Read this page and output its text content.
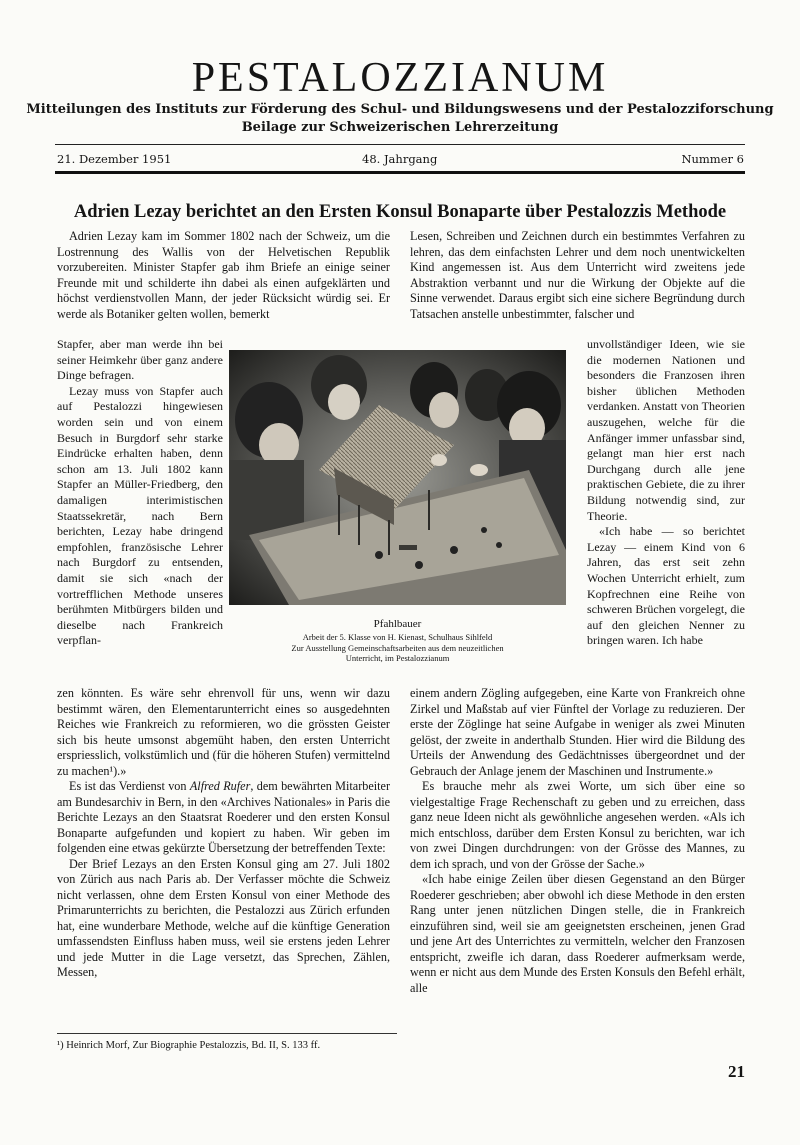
PESTALOZZIANUM
Mitteilungen des Instituts zur Förderung des Schul- und Bildungswesens und der Pestalozziforschung
Beilage zur Schweizerischen Lehrerzeitung
21. Dezember 1951	48. Jahrgang	Nummer 6
Adrien Lezay berichtet an den Ersten Konsul Bonaparte über Pestalozzis Methode

Adrien Lezay kam im Sommer 1802 nach der Schweiz, um die Lostrennung des Wallis von der Helvetischen Republik vorzubereiten. Minister Stapfer gab ihm Briefe an einige seiner Freunde mit und schilderte ihn dabei als einen aufgeklärten und höchst verdienstvollen Mann, der jeder Rücksicht würdig sei. Er werde als Botaniker gelten wollen, bemerkt

Stapfer, aber man werde ihn bei seiner Heimkehr über ganz andere Dinge befragen.

Lezay muss von Stapfer auch auf Pestalozzi hingewiesen worden sein und von einem Besuch in Burgdorf sehr starke Eindrücke erhalten haben, denn schon am 13. Juli 1802 kann Stapfer an Müller-Friedberg, den damaligen interimistischen Staatssekretär, nach Bern berichten, Lezay habe dringend empfohlen, französische Lehrer nach Burgdorf zu entsenden, damit sie sich «nach der vortrefflichen Methode unseres berühmten Mitbürgers bilden und dieselbe nach Frankreich verpflan-

zen könnten. Es wäre sehr ehrenvoll für uns, wenn wir dazu bestimmt wären, den Elementarunterricht eines so ausgedehnten Reiches wie Frankreich zu reformieren, wo die grössten Geister sich bis heute umsonst abgemüht haben, den ersten Unterricht erspriesslich, volkstümlich und (für die höheren Stufen) vermittelnd zu machen¹).»

Es ist das Verdienst von Alfred Rufer, dem bewährten Mitarbeiter am Bundesarchiv in Bern, in den «Archives Nationales» in Paris die Berichte Lezays an den Staatsrat Roederer und den ersten Konsul Bonaparte aufgefunden und kopiert zu haben. Wir geben im folgenden eine etwas gekürzte Übersetzung der betreffenden Texte:

Der Brief Lezays an den Ersten Konsul ging am 27. Juli 1802 von Zürich aus nach Paris ab. Der Verfasser möchte die Schweiz nicht verlassen, ohne dem Ersten Konsul von einer Methode des Primarunterrichts zu berichten, die Pestalozzi aus Zürich erfunden hat, eine wunderbare Methode, welche auf die künftige Generation umfassendsten Einfluss haben muss, weil sie erstens jeden Lehrer und jede Mutter in die Lage versetzt, das Sprechen, Zählen, Messen,

Lesen, Schreiben und Zeichnen durch ein bestimmtes Verfahren zu lehren, das dem einfachsten Lehrer und dem noch unentwickelten Kind angemessen ist. Aus dem Unterricht wird zweitens jede Abstraktion verbannt und nur die Wirkung der Objekte auf die Sinne verwendet. Daraus ergibt sich eine sichere Begründung durch Tatsachen anstelle unbestimmter, falscher und

unvollständiger Ideen, wie sie die modernen Nationen und besonders die Franzosen ihren bisher üblichen Methoden verdanken. Anstatt von Theorien auszugehen, welche für die Anfänger immer unfassbar sind, gelangt man hier erst nach Durchgang durch alle jene praktischen Gebiete, die zu ihrer Bildung notwendig sind, zur Theorie.

«Ich habe — so berichtet Lezay — einem Kind von 6 Jahren, das erst seit zehn Wochen Unterricht erhielt, zum Kopfrechnen eine Reihe von schweren Brüchen vorgelegt, die auf den gleichen Nenner zu bringen waren. Ich habe

einem andern Zögling aufgegeben, eine Karte von Frankreich ohne Zirkel und Maßstab auf vier Fünftel der Vorlage zu reduzieren. Der erste der Zöglinge hat seine Aufgabe in weniger als zwei Minuten gelöst, der zweite in anderthalb Stunden. Hier wird die Bildung des Urteils der Anwendung des Gedächtnisses übergeordnet und der Gebrauch der Anlage jenem der Maschinen und Instrumente.»

Es brauche mehr als zwei Worte, um sich über eine so vielgestaltige Frage Rechenschaft zu geben und zu erreichen, dass ganz neue Ideen nicht als gewöhnliche angesehen werden. «Als ich mich entschloss, darüber dem Ersten Konsul zu berichten, war ich von zwei Dingen durchdrungen: von der Grösse des Mannes, zu dem ich sprach, und von der Grösse der Sache.»

«Ich habe einige Zeilen über diesen Gegenstand an den Bürger Roederer geschrieben; aber obwohl ich diese Methode in den ersten Rang unter jenen nützlichen Dingen stelle, die in Frankreich einzuführen sind, weil sie am geeignetsten erscheinen, jenen Grad und jene Art des Unterrichtes zu vermitteln, welcher den Franzosen entspricht, zweifle ich daran, dass Roederer aufmerksam werde, wenn er nicht aus dem Munde des Ersten Konsuls den Befehl erhält, alle

Pfahlbauer
Arbeit der 5. Klasse von H. Kienast, Schulhaus Sihlfeld
Zur Ausstellung Gemeinschaftsarbeiten aus dem neuzeitlichen
Unterricht, im Pestalozzianum
¹) Heinrich Morf, Zur Biographie Pestalozzis, Bd. II, S. 133 ff.
21
